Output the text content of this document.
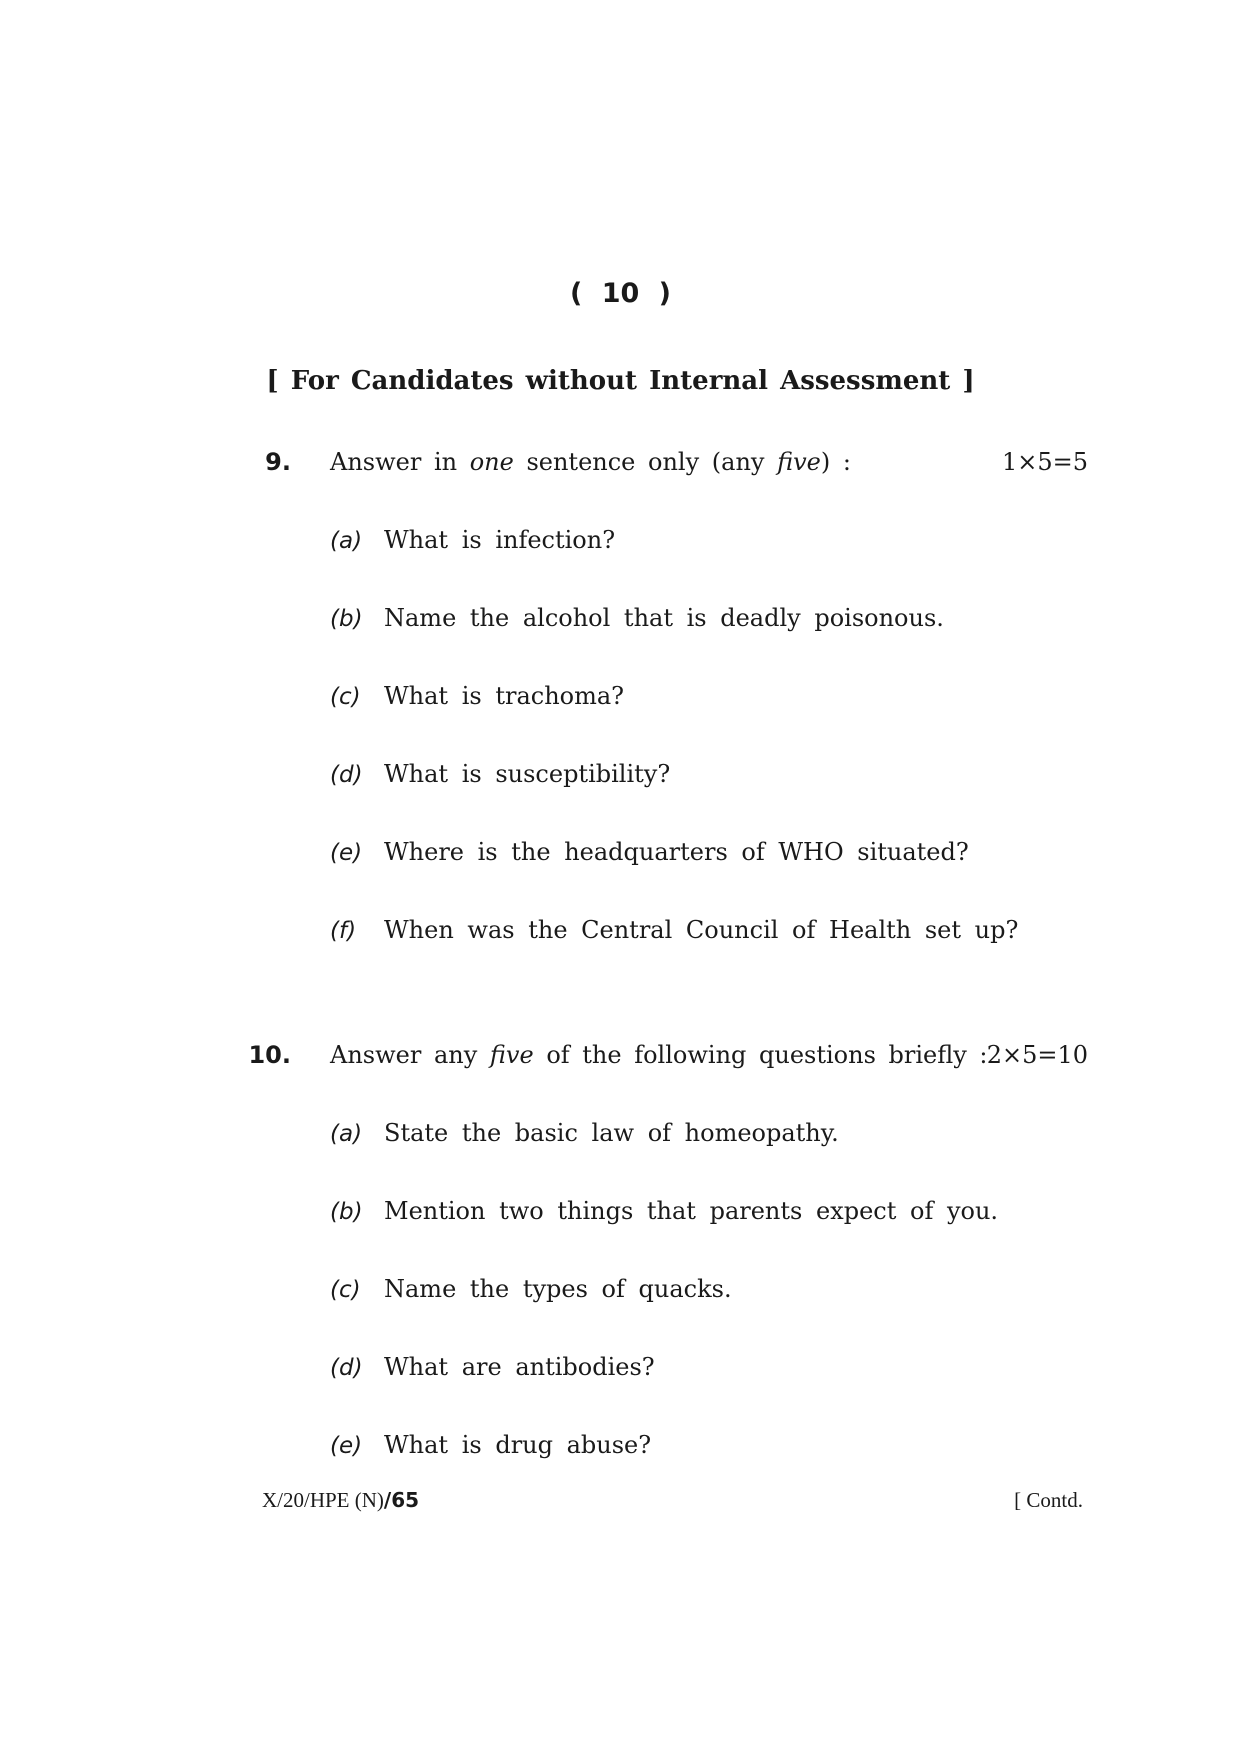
( 10 )
[ For Candidates without Internal Assessment ]
9. Answer in one sentence only (any five) :	1×5=5
(a) What is infection?
(b) Name the alcohol that is deadly poisonous.
(c) What is trachoma?
(d) What is susceptibility?
(e) Where is the headquarters of WHO situated?
(f) When was the Central Council of Health set up?
10. Answer any five of the following questions briefly : 2×5=10
(a) State the basic law of homeopathy.
(b) Mention two things that parents expect of you.
(c) Name the types of quacks.
(d) What are antibodies?
(e) What is drug abuse?
X/20/HPE (N)/65	[ Contd.
